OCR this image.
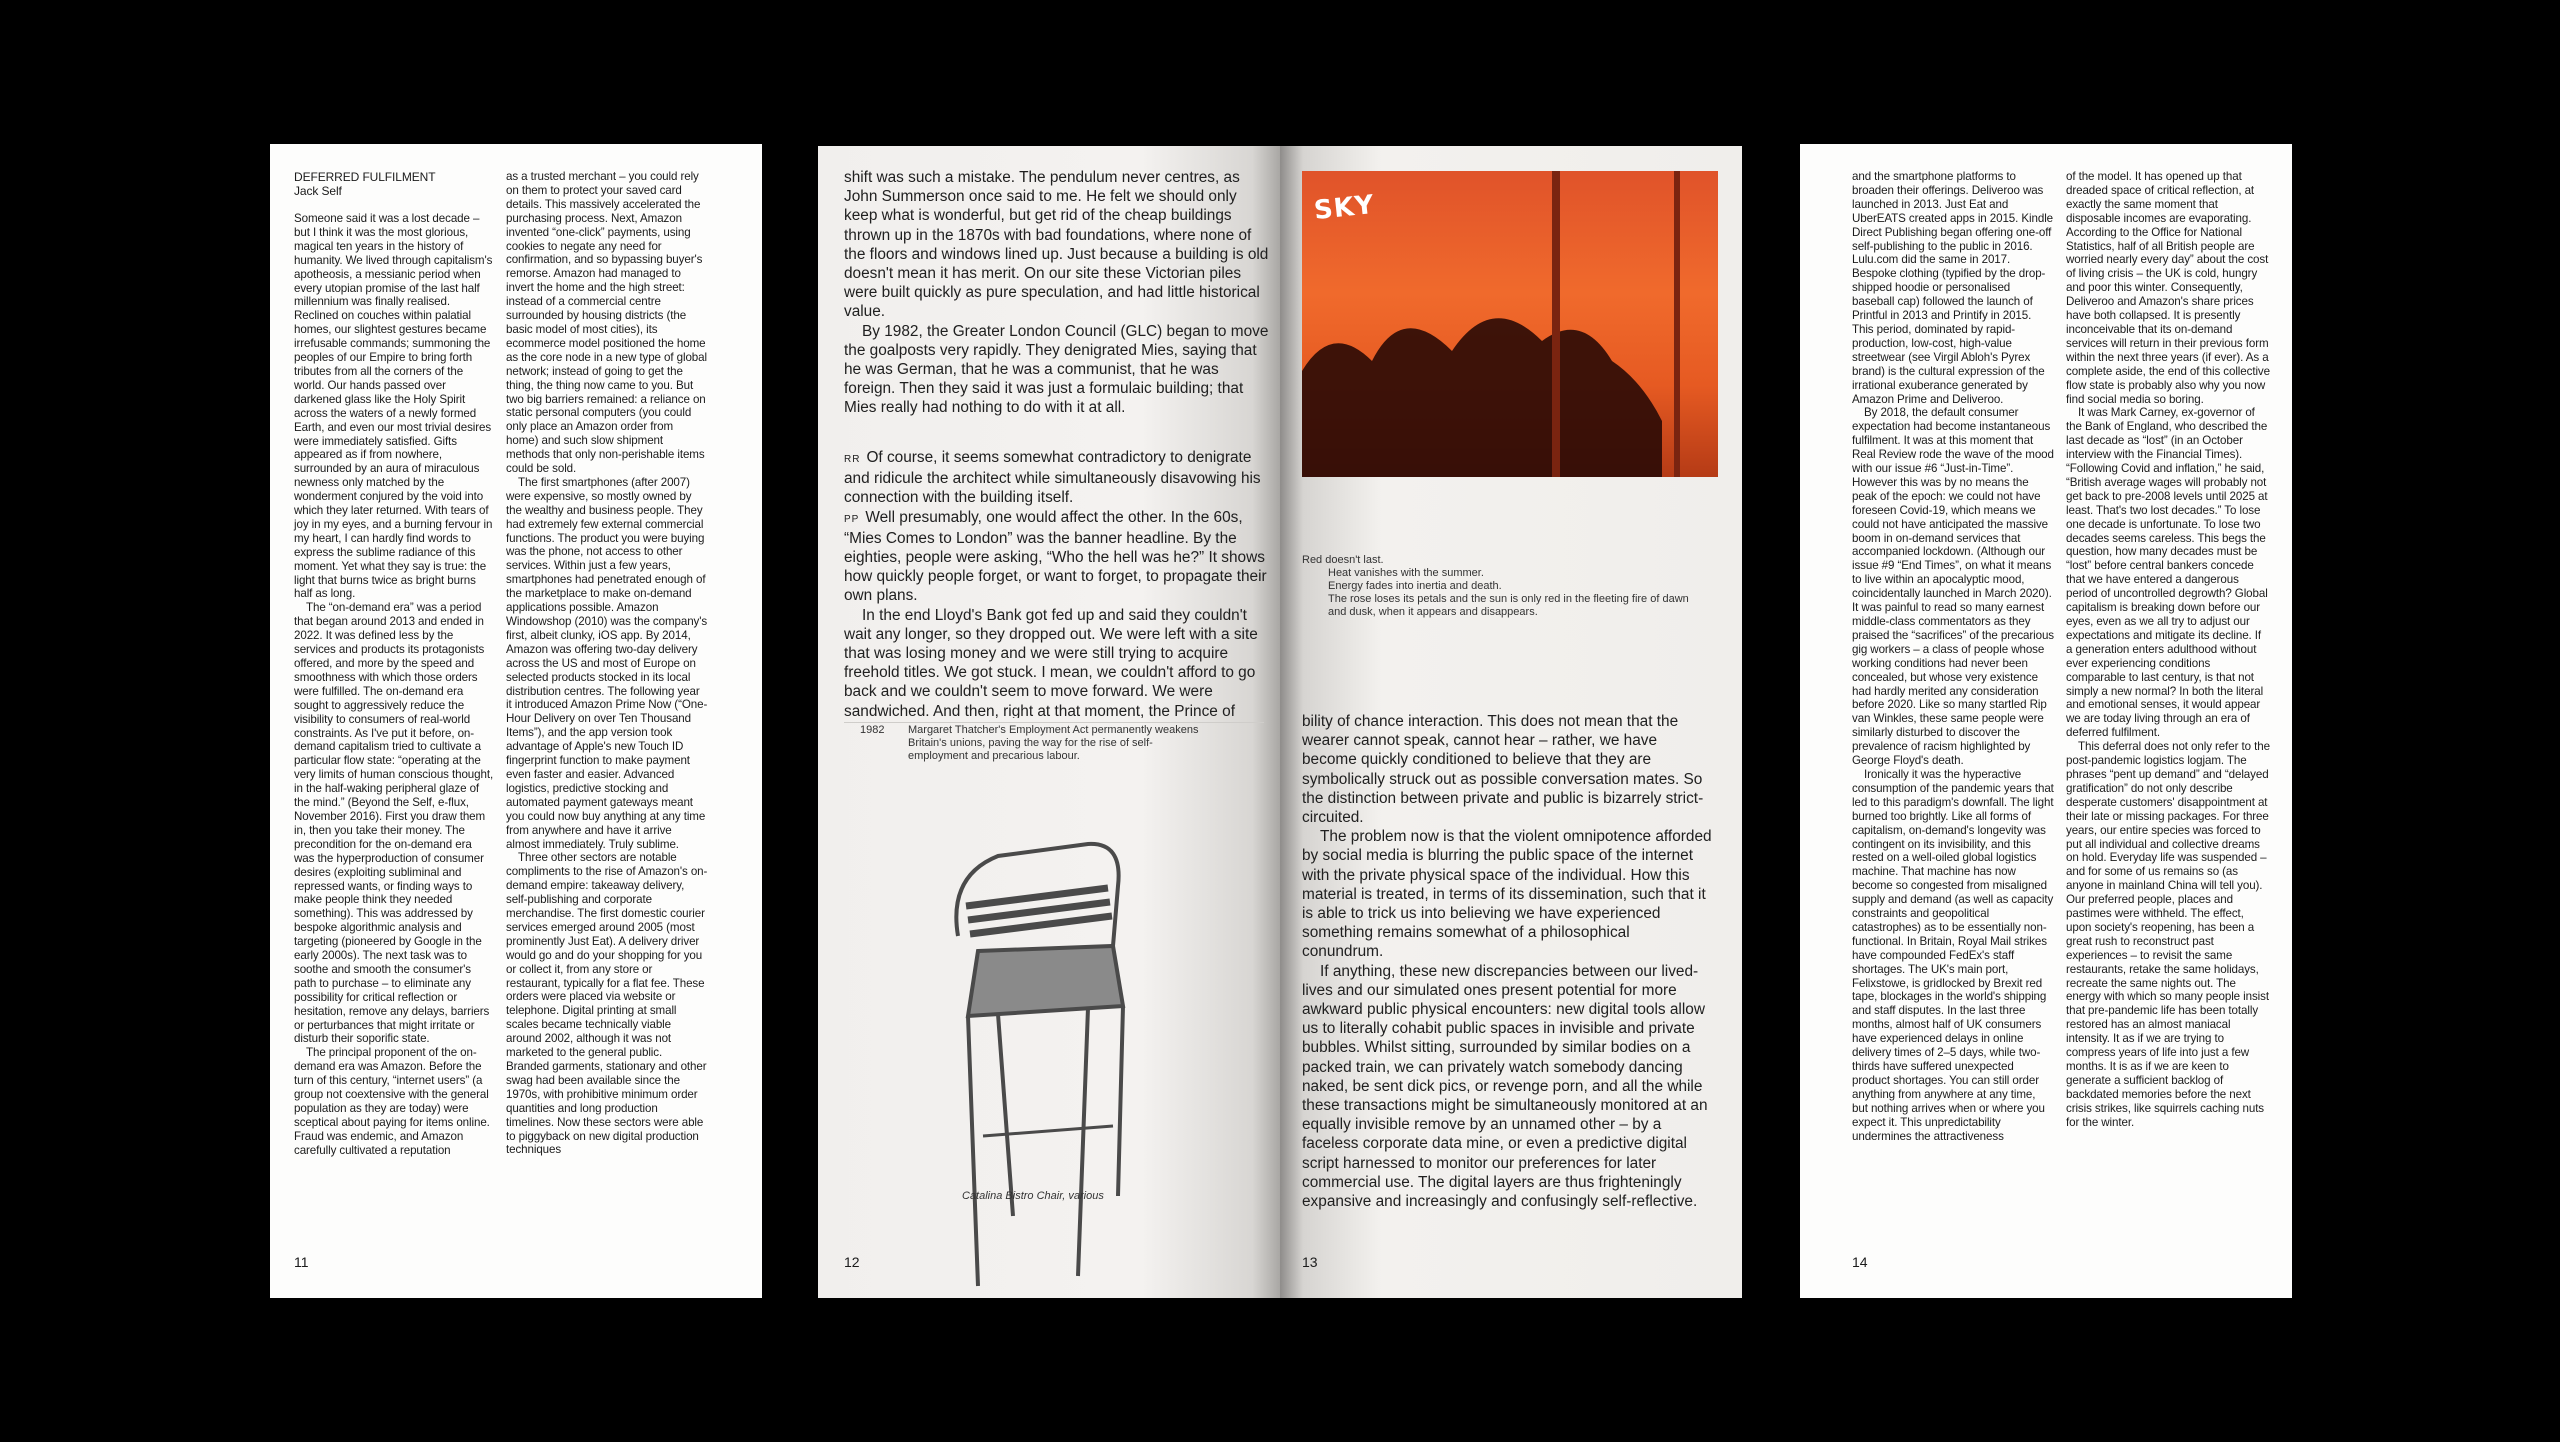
DEFERRED FULFILMENT
Jack Self

Someone said it was a lost decade – but I think it was the most glorious, magical ten years in the history of humanity. We lived through capitalism's apotheosis, a messianic period when every utopian promise of the last half millennium was finally realised. Reclined on couches within palatial homes, our slightest gestures became irrefusable commands; summoning the peoples of our Empire to bring forth tributes from all the corners of the world. Our hands passed over darkened glass like the Holy Spirit across the waters of a newly formed Earth, and even our most trivial desires were immediately satisfied. Gifts appeared as if from nowhere, surrounded by an aura of miraculous newness only matched by the wonderment conjured by the void into which they later returned. With tears of joy in my eyes, and a burning fervour in my heart, I can hardly find words to express the sublime radiance of this moment. Yet what they say is true: the light that burns twice as bright burns half as long.

The “on-demand era” was a period that began around 2013 and ended in 2022. It was defined less by the services and products its protagonists offered, and more by the speed and smoothness with which those orders were fulfilled. The on-demand era sought to aggressively reduce the visibility to consumers of real-world constraints. As I've put it before, on-demand capitalism tried to cultivate a particular flow state: “operating at the very limits of human conscious thought, in the half-waking peripheral glaze of the mind.” (Beyond the Self, e-flux, November 2016). First you draw them in, then you take their money. The precondition for the on-demand era was the hyperproduction of consumer desires (exploiting subliminal and repressed wants, or finding ways to make people think they needed something). This was addressed by bespoke algorithmic analysis and targeting (pioneered by Google in the early 2000s). The next task was to soothe and smooth the consumer's path to purchase – to eliminate any possibility for critical reflection or hesitation, remove any delays, barriers or perturbances that might irritate or disturb their soporific state.

The principal proponent of the on-demand era was Amazon. Before the turn of this century, “internet users” (a group not coextensive with the general population as they are today) were sceptical about paying for items online. Fraud was endemic, and Amazon carefully cultivated a reputation

as a trusted merchant – you could rely on them to protect your saved card details. This massively accelerated the purchasing process. Next, Amazon invented “one-click” payments, using cookies to negate any need for confirmation, and so bypassing buyer's remorse. Amazon had managed to invert the home and the high street: instead of a commercial centre surrounded by housing districts (the basic model of most cities), its ecommerce model positioned the home as the core node in a new type of global network; instead of going to get the thing, the thing now came to you. But two big barriers remained: a reliance on static personal computers (you could only place an Amazon order from home) and such slow shipment methods that only non-perishable items could be sold.

The first smartphones (after 2007) were expensive, so mostly owned by the wealthy and business people. They had extremely few external commercial functions. The product you were buying was the phone, not access to other services. Within just a few years, smartphones had penetrated enough of the marketplace to make on-demand applications possible. Amazon Windowshop (2010) was the company's first, albeit clunky, iOS app. By 2014, Amazon was offering two-day delivery across the US and most of Europe on selected products stocked in its local distribution centres. The following year it introduced Amazon Prime Now (“One-Hour Delivery on over Ten Thousand Items”), and the app version took advantage of Apple's new Touch ID fingerprint function to make payment even faster and easier. Advanced logistics, predictive stocking and automated payment gateways meant you could now buy anything at any time from anywhere and have it arrive almost immediately. Truly sublime.

Three other sectors are notable compliments to the rise of Amazon's on-demand empire: takeaway delivery, self-publishing and corporate merchandise. The first domestic courier services emerged around 2005 (most prominently Just Eat). A delivery driver would go and do your shopping for you or collect it, from any store or restaurant, typically for a flat fee. These orders were placed via website or telephone. Digital printing at small scales became technically viable around 2002, although it was not marketed to the general public. Branded garments, stationary and other swag had been available since the 1970s, with prohibitive minimum order quantities and long production timelines. Now these sectors were able to piggyback on new digital production techniques

11

shift was such a mistake. The pendulum never centres, as John Summerson once said to me. He felt we should only keep what is wonderful, but get rid of the cheap buildings thrown up in the 1870s with bad foundations, where none of the floors and windows lined up. Just because a building is old doesn't mean it has merit. On our site these Victorian piles were built quickly as pure speculation, and had little historical value.

By 1982, the Greater London Council (GLC) began to move the goalposts very rapidly. They denigrated Mies, saying that he was German, that he was a communist, that he was foreign. Then they said it was just a formulaic building; that Mies really had nothing to do with it at all.

RR Of course, it seems somewhat contradictory to denigrate and ridicule the architect while simultaneously disavowing his connection with the building itself.

PP Well presumably, one would affect the other. In the 60s, “Mies Comes to London” was the banner headline. By the eighties, people were asking, “Who the hell was he?” It shows how quickly people forget, or want to forget, to propagate their own plans.

In the end Lloyd's Bank got fed up and said they couldn't wait any longer, so they dropped out. We were left with a site that was losing money and we were still trying to acquire freehold titles. We got stuck. I mean, we couldn't afford to go back and we couldn't seem to move forward. We were sandwiched. And then, right at that moment, the Prince of

1982	Margaret Thatcher's Employment Act permanently weakens Britain's unions, paving the way for the rise of self-employment and precarious labour.
Catalina Bistro Chair, various
12
SKY
Red doesn't last.
Heat vanishes with the summer.
Energy fades into inertia and death.
The rose loses its petals and the sun is only red in the fleeting fire of dawn and dusk, when it appears and disappears.

bility of chance interaction. This does not mean that the wearer cannot speak, cannot hear – rather, we have become quickly conditioned to believe that they are symbolically struck out as possible conversation mates. So the distinction between private and public is bizarrely strict-circuited.

The problem now is that the violent omnipotence afforded by social media is blurring the public space of the internet with the private physical space of the individual. How this material is treated, in terms of its dissemination, such that it is able to trick us into believing we have experienced something remains somewhat of a philosophical conundrum.

If anything, these new discrepancies between our lived-lives and our simulated ones present potential for more awkward public physical encounters: new digital tools allow us to literally cohabit public spaces in invisible and private bubbles. Whilst sitting, surrounded by similar bodies on a packed train, we can privately watch somebody dancing naked, be sent dick pics, or revenge porn, and all the while these transactions might be simultaneously monitored at an equally invisible remove by an unnamed other – by a faceless corporate data mine, or even a predictive digital script harnessed to monitor our preferences for later commercial use. The digital layers are thus frighteningly expansive and increasingly and confusingly self-reflective.

13

and the smartphone platforms to broaden their offerings. Deliveroo was launched in 2013. Just Eat and UberEATS created apps in 2015. Kindle Direct Publishing began offering one-off self-publishing to the public in 2016. Lulu.com did the same in 2017. Bespoke clothing (typified by the drop-shipped hoodie or personalised baseball cap) followed the launch of Printful in 2013 and Printify in 2015. This period, dominated by rapid-production, low-cost, high-value streetwear (see Virgil Abloh's Pyrex brand) is the cultural expression of the irrational exuberance generated by Amazon Prime and Deliveroo.

By 2018, the default consumer expectation had become instantaneous fulfilment. It was at this moment that Real Review rode the wave of the mood with our issue #6 “Just-in-Time”. However this was by no means the peak of the epoch: we could not have foreseen Covid-19, which means we could not have anticipated the massive boom in on-demand services that accompanied lockdown. (Although our issue #9 “End Times”, on what it means to live within an apocalyptic mood, coincidentally launched in March 2020). It was painful to read so many earnest middle-class commentators as they praised the “sacrifices” of the precarious gig workers – a class of people whose working conditions had never been concealed, but whose very existence had hardly merited any consideration before 2020. Like so many startled Rip van Winkles, these same people were similarly disturbed to discover the prevalence of racism highlighted by George Floyd's death.

Ironically it was the hyperactive consumption of the pandemic years that led to this paradigm's downfall. The light burned too brightly. Like all forms of capitalism, on-demand's longevity was contingent on its invisibility, and this rested on a well-oiled global logistics machine. That machine has now become so congested from misaligned supply and demand (as well as capacity constraints and geopolitical catastrophes) as to be essentially non-functional. In Britain, Royal Mail strikes have compounded FedEx's staff shortages. The UK's main port, Felixstowe, is gridlocked by Brexit red tape, blockages in the world's shipping and staff disputes. In the last three months, almost half of UK consumers have experienced delays in online delivery times of 2–5 days, while two-thirds have suffered unexpected product shortages. You can still order anything from anywhere at any time, but nothing arrives when or where you expect it. This unpredictability undermines the attractiveness

of the model. It has opened up that dreaded space of critical reflection, at exactly the same moment that disposable incomes are evaporating. According to the Office for National Statistics, half of all British people are worried nearly every day” about the cost of living crisis – the UK is cold, hungry and poor this winter. Consequently, Deliveroo and Amazon's share prices have both collapsed. It is presently inconceivable that its on-demand services will return in their previous form within the next three years (if ever). As a complete aside, the end of this collective flow state is probably also why you now find social media so boring.

It was Mark Carney, ex-governor of the Bank of England, who described the last decade as “lost” (in an October interview with the Financial Times). “Following Covid and inflation,” he said, “British average wages will probably not get back to pre-2008 levels until 2025 at least. That's two lost decades.” To lose one decade is unfortunate. To lose two decades seems careless. This begs the question, how many decades must be “lost” before central bankers concede that we have entered a dangerous period of uncontrolled degrowth? Global capitalism is breaking down before our eyes, even as we all try to adjust our expectations and mitigate its decline. If a generation enters adulthood without ever experiencing conditions comparable to last century, is that not simply a new normal? In both the literal and emotional senses, it would appear we are today living through an era of deferred fulfilment.

This deferral does not only refer to the post-pandemic logistics logjam. The phrases “pent up demand” and “delayed gratification” do not only describe desperate customers' disappointment at their late or missing packages. For three years, our entire species was forced to put all individual and collective dreams on hold. Everyday life was suspended – and for some of us remains so (as anyone in mainland China will tell you). Our preferred people, places and pastimes were withheld. The effect, upon society's reopening, has been a great rush to reconstruct past experiences – to revisit the same restaurants, retake the same holidays, recreate the same nights out. The energy with which so many people insist that pre-pandemic life has been totally restored has an almost maniacal intensity. It as if we are trying to compress years of life into just a few months. It is as if we are keen to generate a sufficient backlog of backdated memories before the next crisis strikes, like squirrels caching nuts for the winter.

14
